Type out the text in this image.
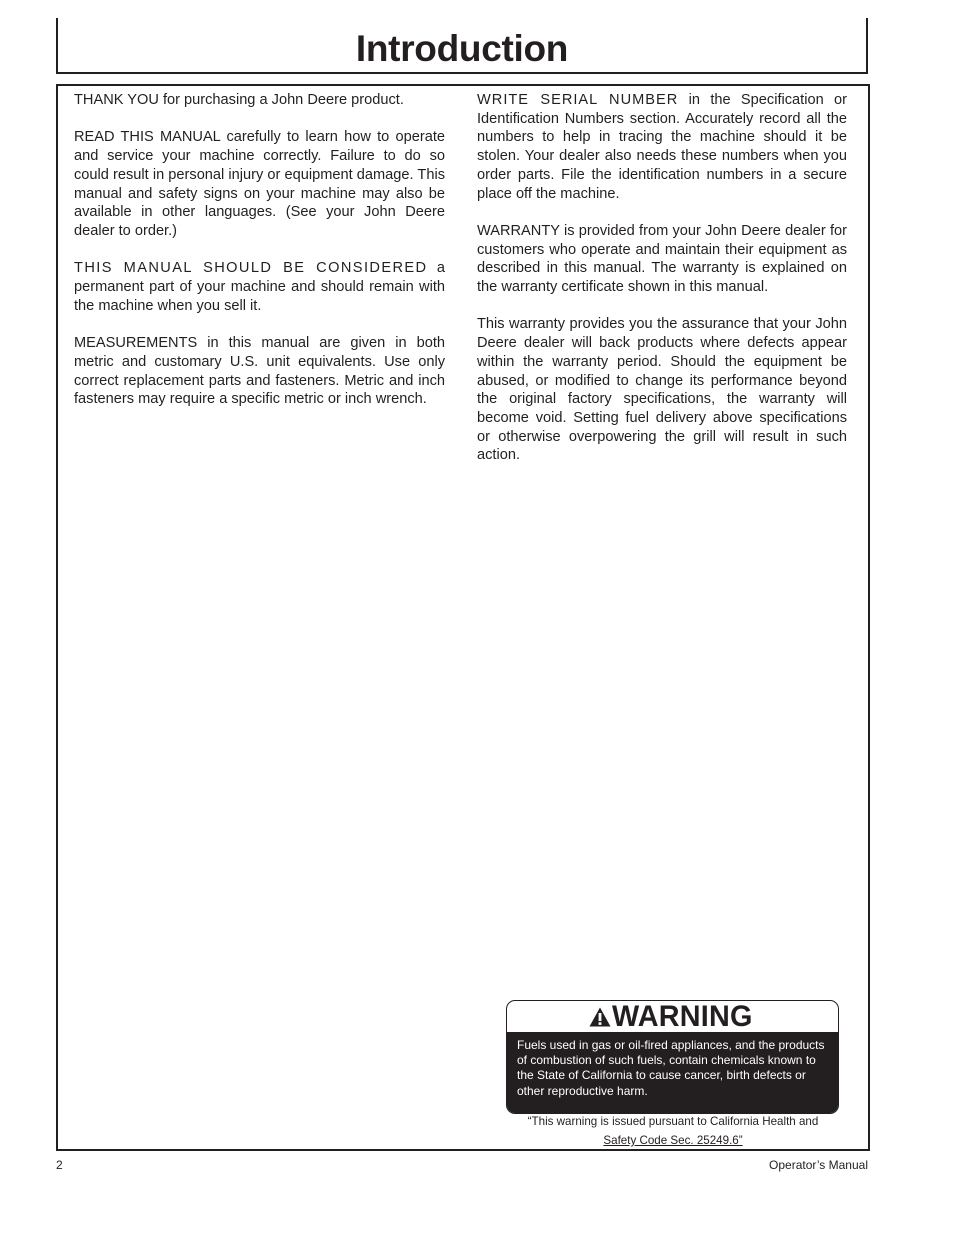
Introduction

THANK YOU for purchasing a John Deere product.

READ THIS MANUAL carefully to learn how to operate and service your machine correctly. Failure to do so could result in personal injury or equipment damage. This manual and safety signs on your machine may also be available in other languages. (See your John Deere dealer to order.)

THIS MANUAL SHOULD BE CONSIDERED a permanent part of your machine and should remain with the machine when you sell it.

MEASUREMENTS in this manual are given in both metric and customary U.S. unit equivalents. Use only correct replacement parts and fasteners. Metric and inch fasteners may require a specific metric or inch wrench.

WRITE SERIAL NUMBER in the Specification or Identification Numbers section. Accurately record all the numbers to help in tracing the machine should it be stolen. Your dealer also needs these numbers when you order parts. File the identification numbers in a secure place off the machine.

WARRANTY is provided from your John Deere dealer for customers who operate and maintain their equipment as described in this manual. The warranty is explained on the warranty certificate shown in this manual.

This warranty provides you the assurance that your John Deere dealer will back products where defects appear within the warranty period. Should the equipment be abused, or modified to change its performance beyond the original factory specifications, the warranty will become void. Setting fuel delivery above specifications or otherwise overpowering the grill will result in such action.

WARNING
Fuels used in gas or oil-fired appliances, and the products of combustion of such fuels, contain chemicals known to the State of California to cause cancer, birth defects or other reproductive harm.
“This warning is issued pursuant to California Health and
Safety Code Sec. 25249.6”
2	Operator’s Manual
